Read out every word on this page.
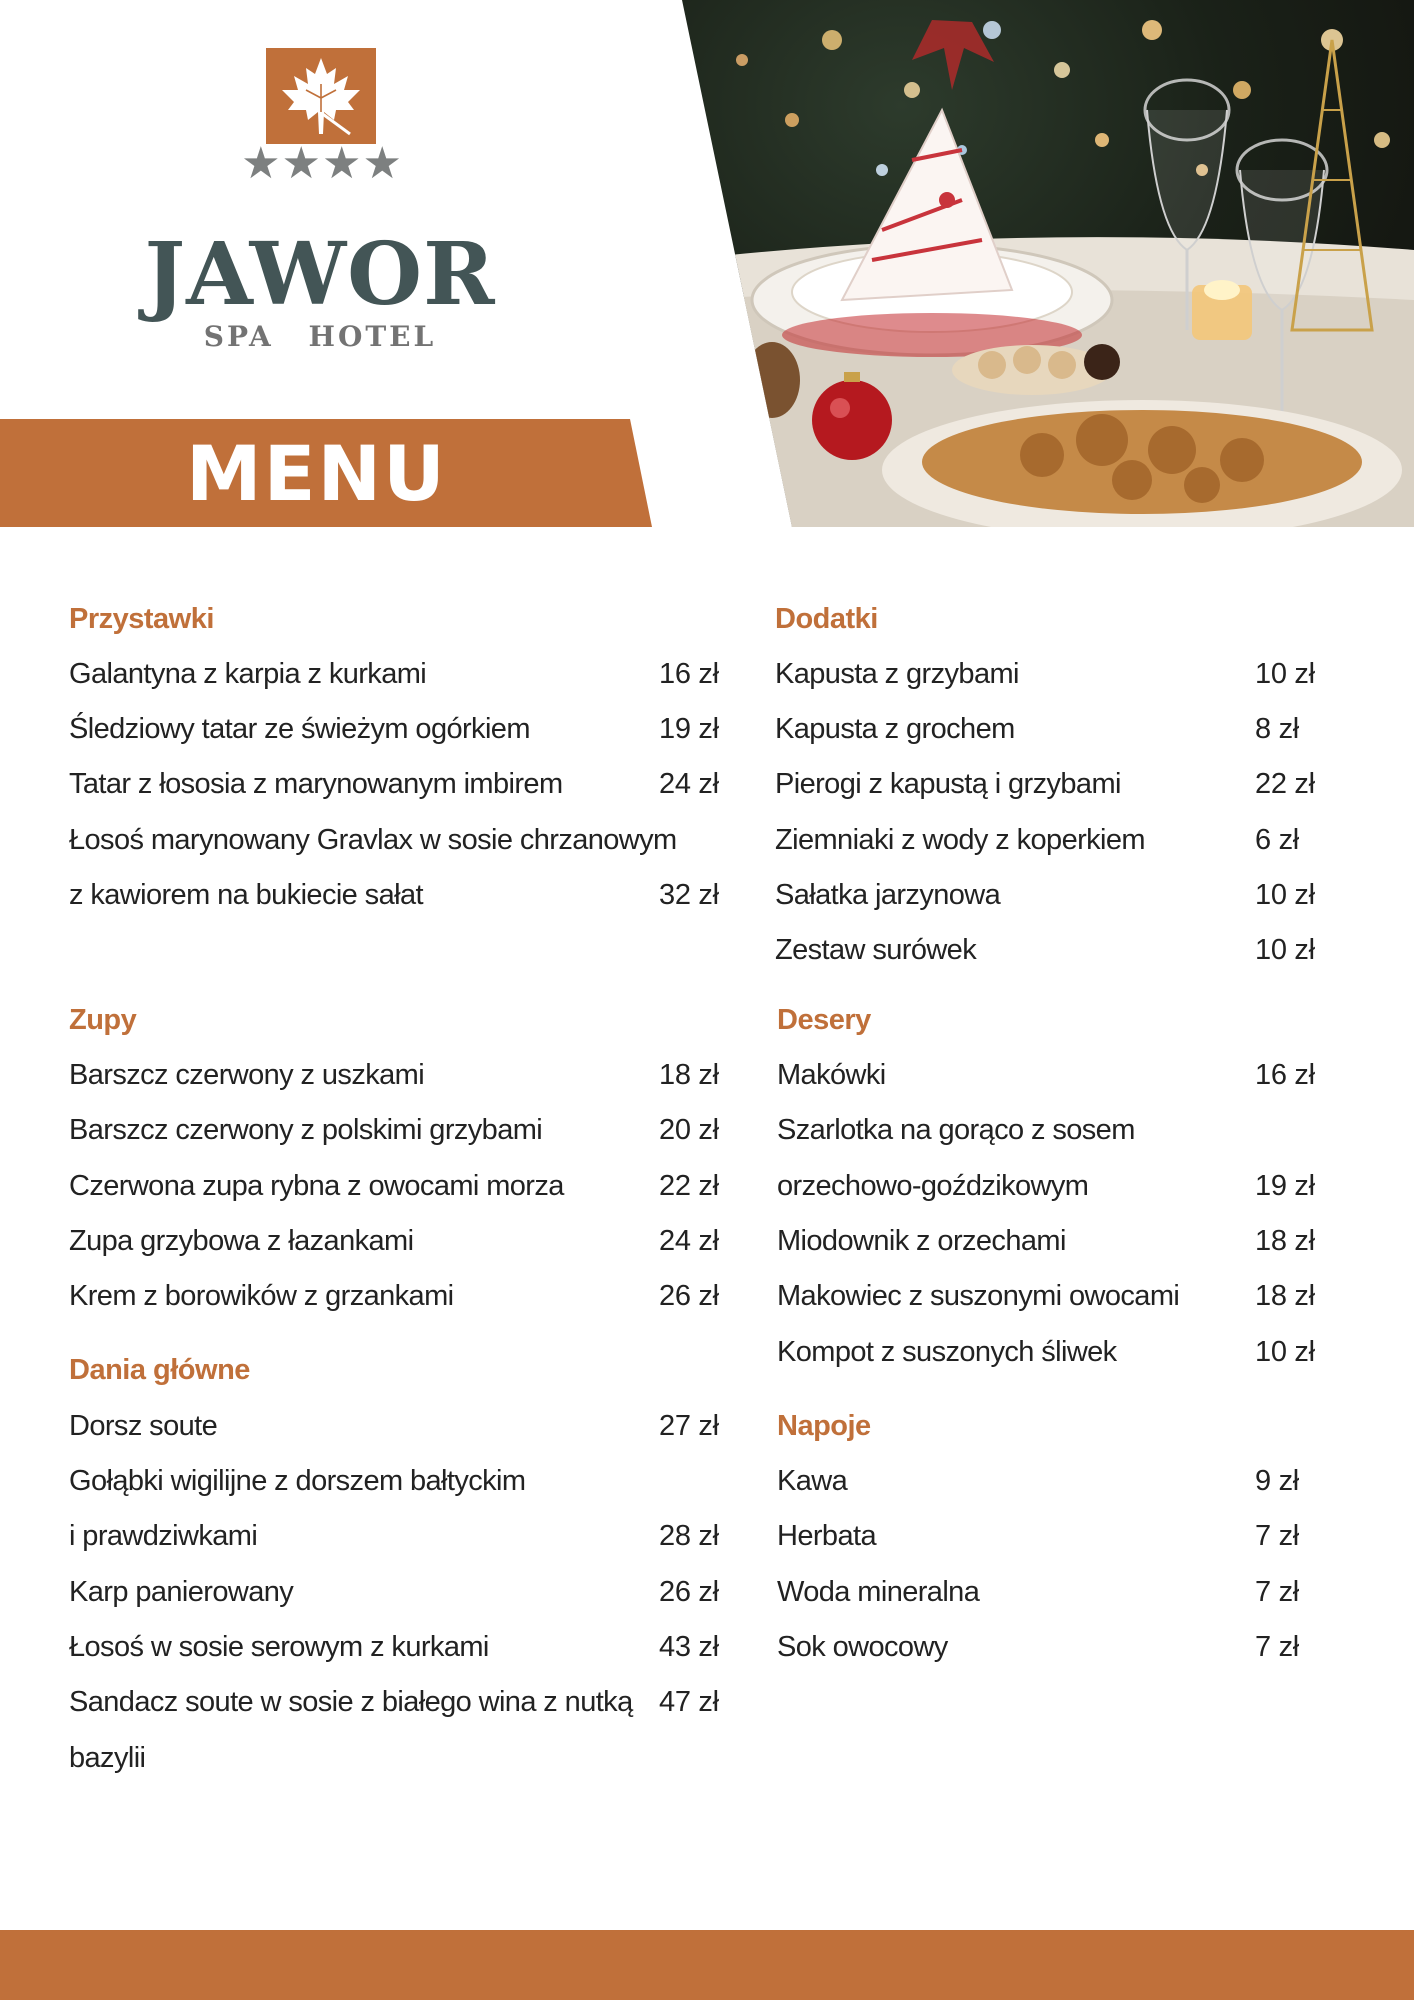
★★★★
JAWOR
SPA HOTEL
MENU
Przystawki
Galantyna z karpia z kurkami	16 zł
Śledziowy tatar ze świeżym ogórkiem	19 zł
Tatar z łososia z marynowanym imbirem	24 zł
Łosoś marynowany Gravlax w sosie chrzanowym
z kawiorem na bukiecie sałat	32 zł
Zupy
Barszcz czerwony z uszkami	18 zł
Barszcz czerwony z polskimi grzybami	20 zł
Czerwona zupa rybna z owocami morza	22 zł
Zupa grzybowa z łazankami	24 zł
Krem z borowików z grzankami	26 zł
Dania główne
Dorsz soute	27 zł
Gołąbki wigilijne z dorszem bałtyckim
i prawdziwkami	28 zł
Karp panierowany	26 zł
Łosoś w sosie serowym z kurkami	43 zł
Sandacz soute w sosie z białego wina z nutką 47 zł
bazylii
Dodatki
Kapusta z grzybami	10 zł
Kapusta z grochem	8 zł
Pierogi z kapustą i grzybami	22 zł
Ziemniaki z wody z koperkiem	6 zł
Sałatka jarzynowa	10 zł
Zestaw surówek	10 zł
Desery
Makówki	16 zł
Szarlotka na gorąco z sosem
orzechowo-goździkowym	19 zł
Miodownik z orzechami	18 zł
Makowiec z suszonymi owocami	18 zł
Kompot z suszonych śliwek	10 zł
Napoje
Kawa	9 zł
Herbata	7 zł
Woda mineralna	7 zł
Sok owocowy	7 zł
